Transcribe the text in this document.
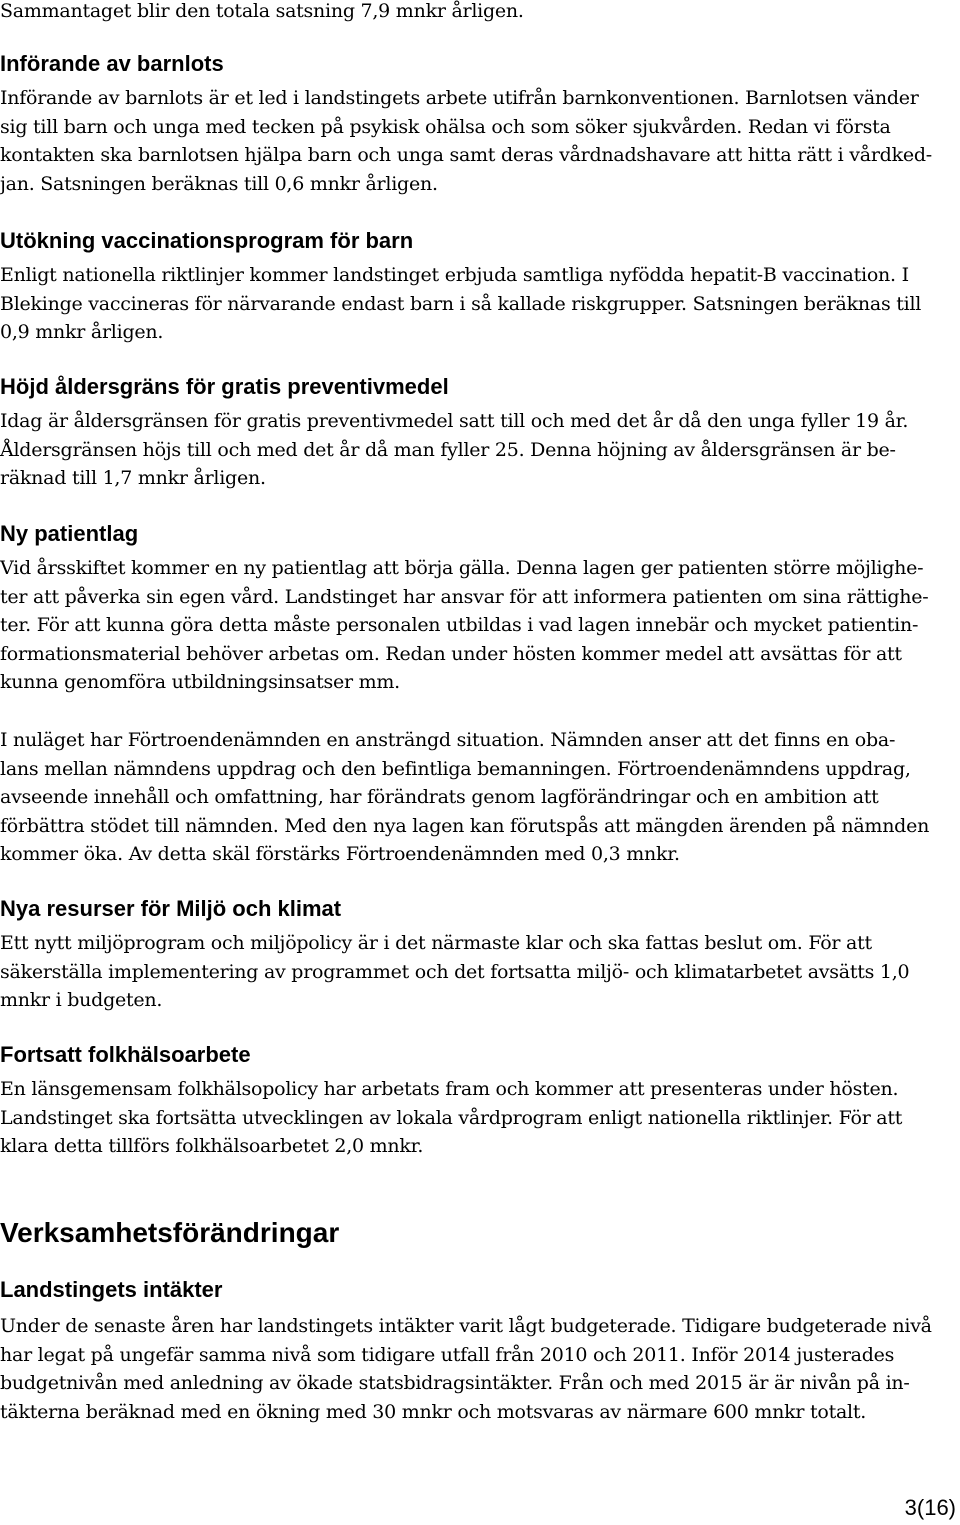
Sammantaget blir den totala satsning 7,9 mnkr årligen.

Införande av barnlots

Införande av barnlots är et led i landstingets arbete utifrån barnkonventionen. Barnlotsen vänder
sig till barn och unga med tecken på psykisk ohälsa och som söker sjukvården. Redan vi första
kontakten ska barnlotsen hjälpa barn och unga samt deras vårdnadshavare att hitta rätt i vårdked-
jan. Satsningen beräknas till 0,6 mnkr årligen.

Utökning vaccinationsprogram för barn

Enligt nationella riktlinjer kommer landstinget erbjuda samtliga nyfödda hepatit-B vaccination. I
Blekinge vaccineras för närvarande endast barn i så kallade riskgrupper. Satsningen beräknas till
0,9 mnkr årligen.

Höjd åldersgräns för gratis preventivmedel

Idag är åldersgränsen för gratis preventivmedel satt till och med det år då den unga fyller 19 år.
Åldersgränsen höjs till och med det år då man fyller 25. Denna höjning av åldersgränsen är be-
räknad till 1,7 mnkr årligen.

Ny patientlag

Vid årsskiftet kommer en ny patientlag att börja gälla. Denna lagen ger patienten större möjlighe-
ter att påverka sin egen vård. Landstinget har ansvar för att informera patienten om sina rättighe-
ter. För att kunna göra detta måste personalen utbildas i vad lagen innebär och mycket patientin-
formationsmaterial behöver arbetas om. Redan under hösten kommer medel att avsättas för att
kunna genomföra utbildningsinsatser mm.

I nuläget har Förtroendenämnden en ansträngd situation. Nämnden anser att det finns en oba-
lans mellan nämndens uppdrag och den befintliga bemanningen. Förtroendenämndens uppdrag,
avseende innehåll och omfattning, har förändrats genom lagförändringar och en ambition att
förbättra stödet till nämnden. Med den nya lagen kan förutspås att mängden ärenden på nämnden
kommer öka. Av detta skäl förstärks Förtroendenämnden med 0,3 mnkr.

Nya resurser för Miljö och klimat

Ett nytt miljöprogram och miljöpolicy är i det närmaste klar och ska fattas beslut om. För att
säkerställa implementering av programmet och det fortsatta miljö- och klimatarbetet avsätts 1,0
mnkr i budgeten.

Fortsatt folkhälsoarbete

En länsgemensam folkhälsopolicy har arbetats fram och kommer att presenteras under hösten.
Landstinget ska fortsätta utvecklingen av lokala vårdprogram enligt nationella riktlinjer. För att
klara detta tillförs folkhälsoarbetet 2,0 mnkr.

Verksamhetsförändringar
Landstingets intäkter

Under de senaste åren har landstingets intäkter varit lågt budgeterade. Tidigare budgeterade nivå
har legat på ungefär samma nivå som tidigare utfall från 2010 och 2011. Inför 2014 justerades
budgetnivån med anledning av ökade statsbidragsintäkter. Från och med 2015 är är nivån på in-
täkterna beräknad med en ökning med 30 mnkr och motsvaras av närmare 600 mnkr totalt.

3(16)
